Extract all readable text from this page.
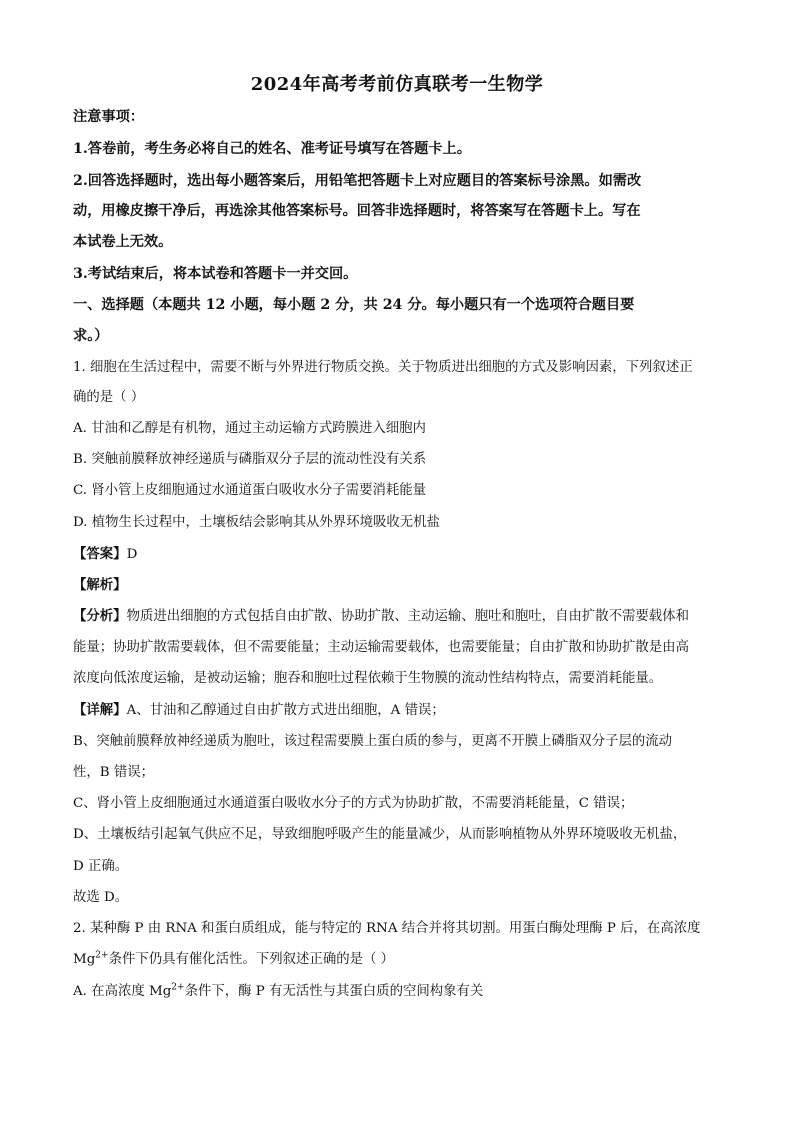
2024年高考考前仿真联考一生物学
注意事项：
1.答卷前，考生务必将自己的姓名、准考证号填写在答题卡上。
2.回答选择题时，选出每小题答案后，用铅笔把答题卡上对应题目的答案标号涂黑。如需改
动，用橡皮擦干净后，再选涂其他答案标号。回答非选择题时，将答案写在答题卡上。写在
本试卷上无效。
3.考试结束后，将本试卷和答题卡一并交回。
一、选择题（本题共 12 小题，每小题 2 分，共 24 分。每小题只有一个选项符合题目要
求。）
1. 细胞在生活过程中，需要不断与外界进行物质交换。关于物质进出细胞的方式及影响因素，下列叙述正
确的是（ ）
A. 甘油和乙醇是有机物，通过主动运输方式跨膜进入细胞内
B. 突触前膜释放神经递质与磷脂双分子层的流动性没有关系
C. 肾小管上皮细胞通过水通道蛋白吸收水分子需要消耗能量
D. 植物生长过程中，土壤板结会影响其从外界环境吸收无机盐
【答案】D
【解析】
【分析】物质进出细胞的方式包括自由扩散、协助扩散、主动运输、胞吐和胞吐，自由扩散不需要载体和
能量；协助扩散需要载体，但不需要能量；主动运输需要载体，也需要能量；自由扩散和协助扩散是由高
浓度向低浓度运输，是被动运输；胞吞和胞吐过程依赖于生物膜的流动性结构特点，需要消耗能量。
【详解】A、甘油和乙醇通过自由扩散方式进出细胞，A 错误；
B、突触前膜释放神经递质为胞吐，该过程需要膜上蛋白质的参与，更离不开膜上磷脂双分子层的流动
性，B 错误；
C、肾小管上皮细胞通过水通道蛋白吸收水分子的方式为协助扩散，不需要消耗能量，C 错误；
D、土壤板结引起氧气供应不足，导致细胞呼吸产生的能量减少，从而影响植物从外界环境吸收无机盐，
D 正确。
故选 D。
2. 某种酶 P 由 RNA 和蛋白质组成，能与特定的 RNA 结合并将其切割。用蛋白酶处理酶 P 后，在高浓度
$Mg^{2+}$条件下仍具有催化活性。下列叙述正确的是（ ）
A. 在高浓度 $Mg^{2+}$条件下，酶 P 有无活性与其蛋白质的空间构象有关
